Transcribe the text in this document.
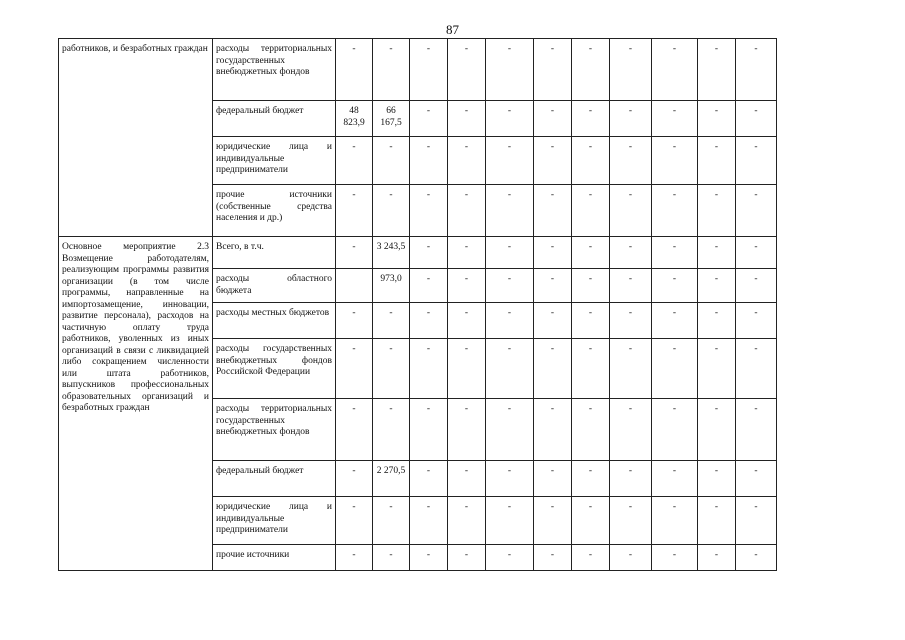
87
работников, и безработных граждан	расходы территориальных государственных внебюджетных фондов	-	-	-	-	-	-	-	-	-	-	-

	федеральный бюджет	48 823,9	66 167,5	-	-	-	-	-	-	-	-	-

	юридические лица и индивидуальные предприниматели	-	-	-	-	-	-	-	-	-	-	-

	прочие источники (собственные средства населения и др.)	-	-	-	-	-	-	-	-	-	-	-

Основное мероприятие 2.3 Возмещение работодателям, реализующим программы развития организации (в том числе программы, направленные на импортозамещение, инновации, развитие персонала), расходов на частичную оплату труда работников, уволенных из иных организаций в связи с ликвидацией либо сокращением численности или штата работников, выпускников профессиональных образовательных организаций и безработных граждан	Всего, в т.ч.	-	3 243,5	-	-	-	-	-	-	-	-	-

	расходы областного бюджета		973,0	-	-	-	-	-	-	-	-	-

	расходы местных бюджетов	-	-	-	-	-	-	-	-	-	-	-

	расходы государственных внебюджетных фондов Российской Федерации	-	-	-	-	-	-	-	-	-	-	-

	расходы территориальных государственных внебюджетных фондов	-	-	-	-	-	-	-	-	-	-	-

	федеральный бюджет	-	2 270,5	-	-	-	-	-	-	-	-	-

	юридические лица и индивидуальные предприниматели	-	-	-	-	-	-	-	-	-	-	-

	прочие источники	-	-	-	-	-	-	-	-	-	-	-
